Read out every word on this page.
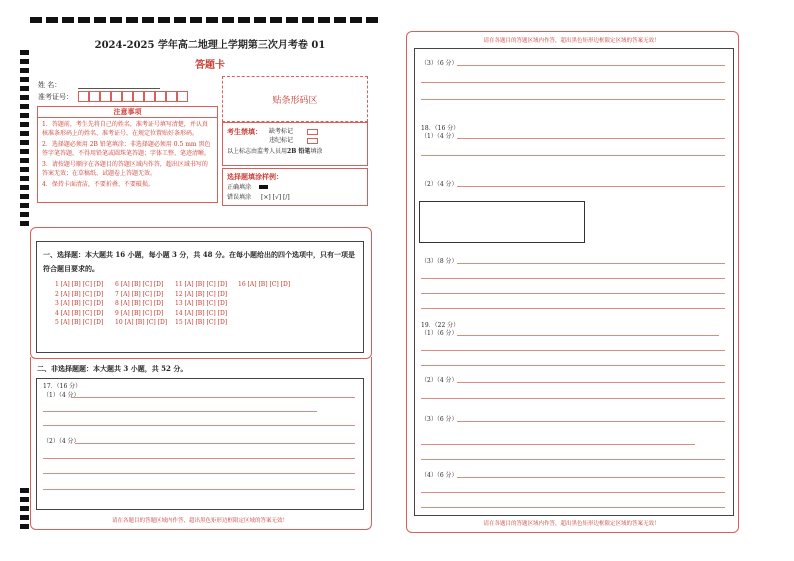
2024-2025 学年高二地理上学期第三次月考卷 01
答题卡
姓 名：
准考证号：
注意事项
1．答题前，考生先将自己的姓名，准考证号填写清楚，并认真核准条形码上的姓名、准考证号，在规定位置贴好条形码。
2．选择题必须用 2B 铅笔填涂；非选择题必须用 0.5 mm 黑色签字笔答题，不得用铅笔或圆珠笔答题；字体工整、笔迹清晰。
3．请按题号顺序在各题目的答题区域内作答，超出区域书写的答案无效；在草稿纸、试题卷上答题无效。
4．保持卡面清洁，不要折叠、不要破损。
贴条形码区
考生禁填： 缺考标记
违纪标记
以上标志由监考人员用2B 铅笔填涂
选择题填涂样例：
正确填涂
错误填涂 [×] [√] [/]
一、选择题：本大题共 16 小题，每小题 3 分，共 48 分。在每小题给出的四个选项中，只有一项是符合题目要求的。
1 [A] [B] [C] [D]	6 [A] [B] [C] [D]	11 [A] [B] [C] [D]	16 [A] [B] [C] [D]
2 [A] [B] [C] [D]	7 [A] [B] [C] [D]	12 [A] [B] [C] [D]
3 [A] [B] [C] [D]	8 [A] [B] [C] [D]	13 [A] [B] [C] [D]
4 [A] [B] [C] [D]	9 [A] [B] [C] [D]	14 [A] [B] [C] [D]
5 [A] [B] [C] [D]	10 [A] [B] [C] [D]	15 [A] [B] [C] [D]
二、非选择题题：本大题共 3 小题，共 52 分。
17．（16 分）
（1）（4 分）
（2）（4 分）
请在各题目的答题区域内作答，超出黑色矩形边框限定区域的答案无效！
请在各题目的答题区域内作答，超出黑色矩形边框限定区域的答案无效！
（3）（6 分）
18．（16 分）
（1）（4 分）
（2）（4 分）
（3）（8 分）
19．（22 分）
（1）（6 分）
（2）（4 分）
（3）（6 分）
（4）（6 分）
请在各题目的答题区域内作答，超出黑色矩形边框限定区域的答案无效！
